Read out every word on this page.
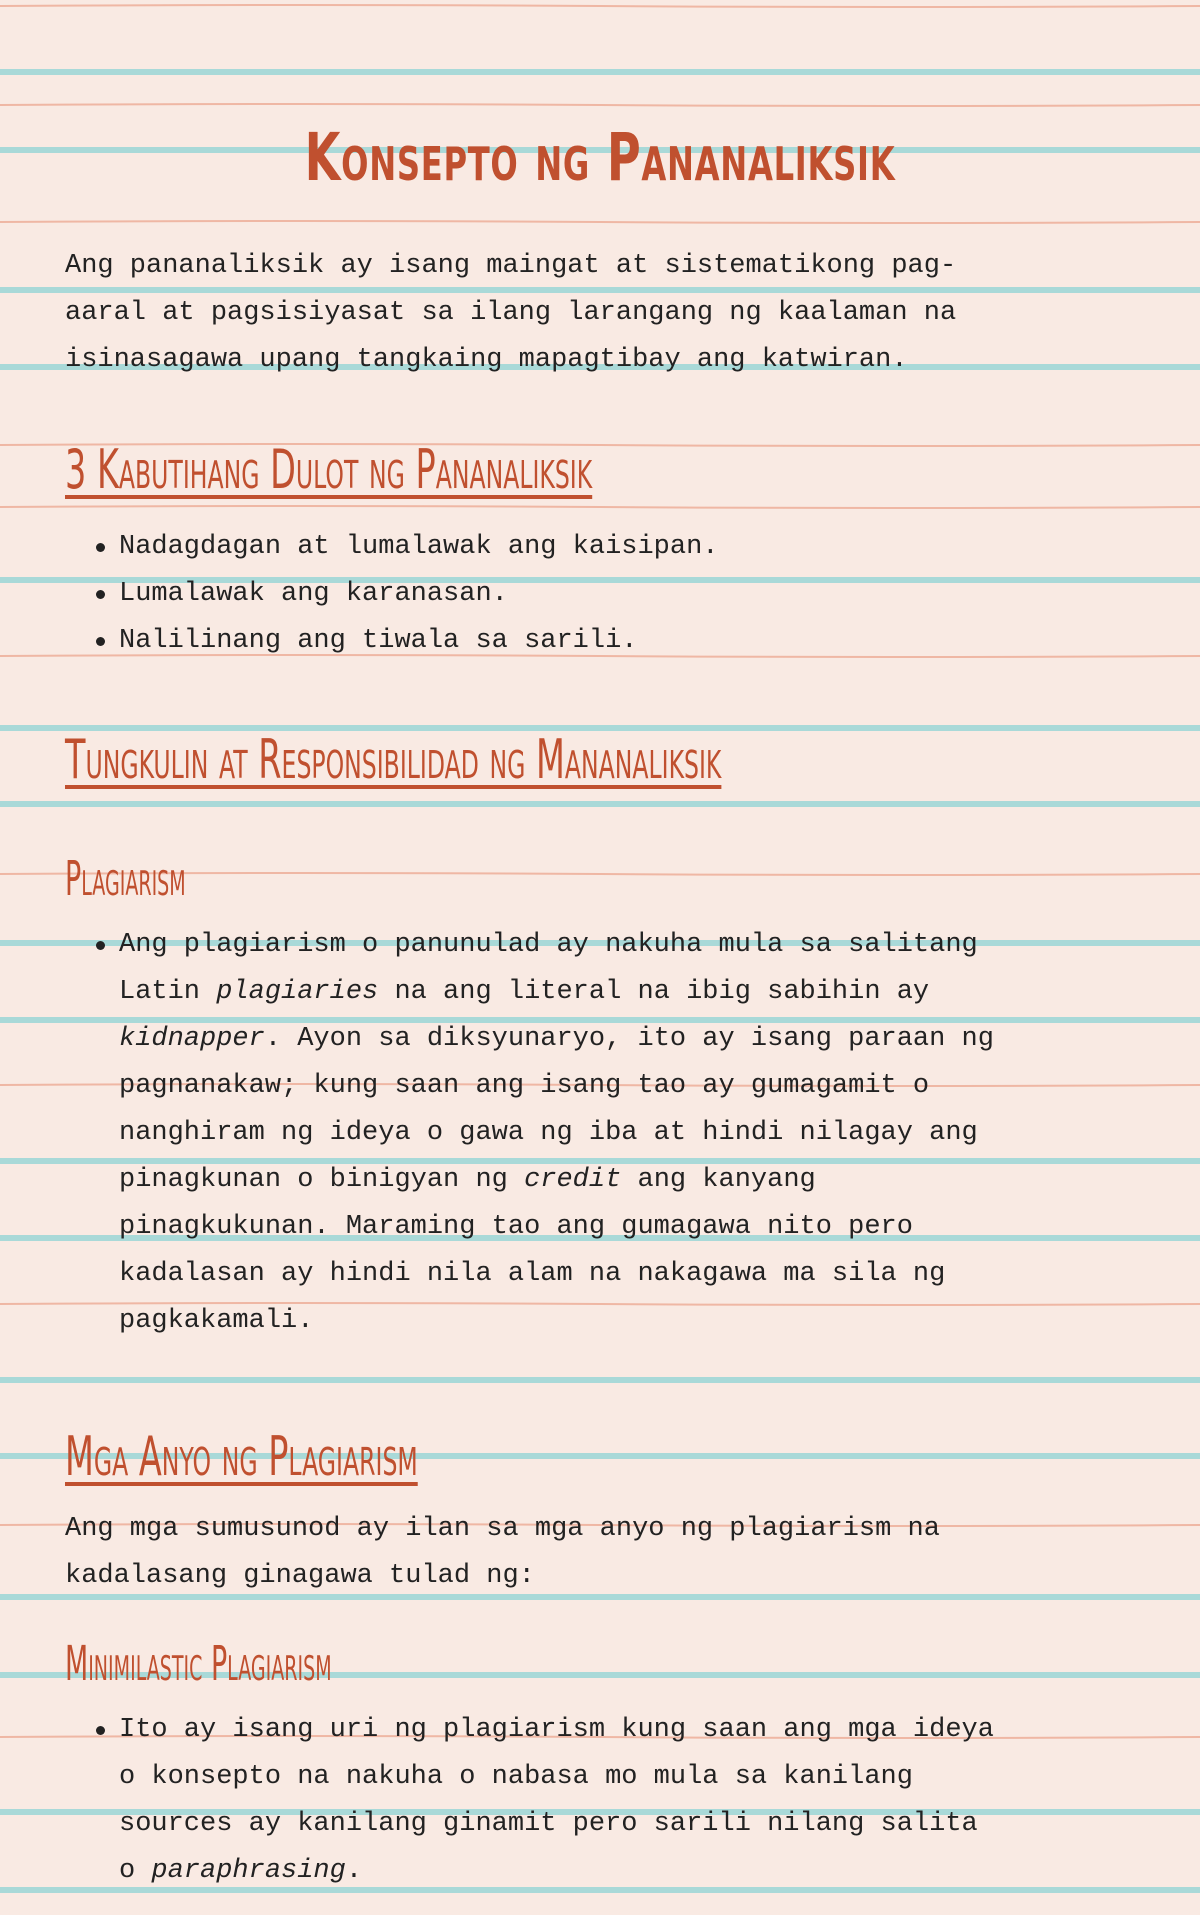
Konsepto ng Pananaliksik

Ang pananaliksik ay isang maingat at sistematikong pag-
aaral at pagsisiyasat sa ilang larangang ng kaalaman na
isinasagawa upang tangkaing mapagtibay ang katwiran.

3 Kabutihang Dulot ng Pananaliksik
Nadagdagan at lumalawak ang kaisipan.
Lumalawak ang karanasan.
Nalilinang ang tiwala sa sarili.
Tungkulin at Responsibilidad ng Mananaliksik
Plagiarism

Ang plagiarism o panunulad ay nakuha mula sa salitang
Latin plagiaries na ang literal na ibig sabihin ay
kidnapper. Ayon sa diksyunaryo, ito ay isang paraan ng
pagnanakaw; kung saan ang isang tao ay gumagamit o
nanghiram ng ideya o gawa ng iba at hindi nilagay ang
pinagkunan o binigyan ng credit ang kanyang
pinagkukunan. Maraming tao ang gumagawa nito pero
kadalasan ay hindi nila alam na nakagawa ma sila ng
pagkakamali.

Mga Anyo ng Plagiarism

Ang mga sumusunod ay ilan sa mga anyo ng plagiarism na
kadalasang ginagawa tulad ng:

Minimilastic Plagiarism

Ito ay isang uri ng plagiarism kung saan ang mga ideya
o konsepto na nakuha o nabasa mo mula sa kanilang
sources ay kanilang ginamit pero sarili nilang salita
o paraphrasing.
